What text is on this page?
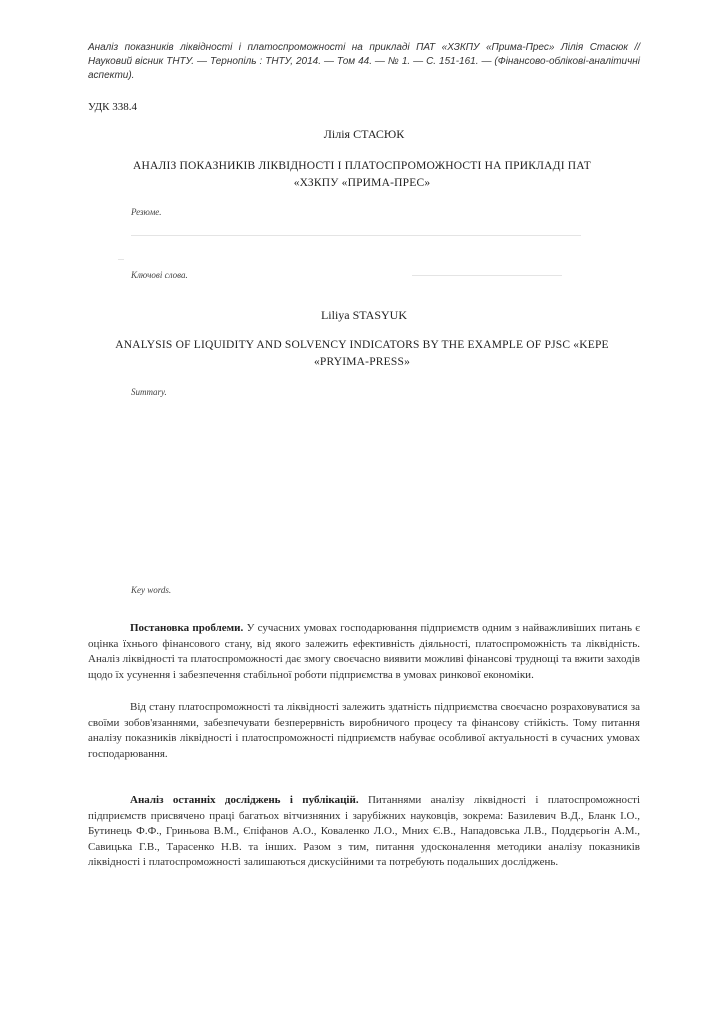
Аналіз показників ліквідності і платоспроможності на прикладі ПАТ «ХЗКПУ «Прима-Прес» Лілія Стасюк // Науковий вісник ТНТУ. — Тернопіль : ТНТУ, 2014. — Том 44. — № 1. — С. 151-161. — (Фінансово-облікові-аналітичні аспекти).
УДК 338.4
Лілія СТАСЮК
АНАЛІЗ ПОКАЗНИКІВ ЛІКВІДНОСТІ І ПЛАТОСПРОМОЖНОСТІ НА ПРИКЛАДІ ПАТ «ХЗКПУ «ПРИМА-ПРЕС»
Резюме.
Ключові слова.
Liliya STASYUK
ANALYSIS OF LIQUIDITY AND SOLVENCY INDICATORS BY THE EXAMPLE OF PJSC «KEPE «PRYIMA-PRESS»
Summary.
Key words.
Постановка проблеми. У сучасних умовах господарювання підприємств одним з найважливіших питань є оцінка їхнього фінансового стану, від якого залежить ефективність діяльності, платоспроможність та ліквідність. Аналіз ліквідності та платоспроможності дає змогу своєчасно виявити можливі фінансові труднощі та вжити заходів щодо їх усунення і забезпечення стабільної роботи підприємства в умовах ринкової економіки.
Від стану платоспроможності та ліквідності залежить здатність підприємства своєчасно розраховуватися за своїми зобов'язаннями, забезпечувати безперервність виробничого процесу та фінансову стійкість. Тому питання аналізу показників ліквідності і платоспроможності підприємств набуває особливої актуальності в сучасних умовах господарювання.
Аналіз останніх досліджень і публікацій. Питаннями аналізу ліквідності і платоспроможності підприємств присвячено праці багатьох вітчизняних і зарубіжних науковців, зокрема: Базилевич В.Д., Бланк І.О., Бутинець Ф.Ф., Гриньова В.М., Єпіфанов А.О., Коваленко Л.О., Мних Є.В., Нападовська Л.В., Поддєрьогін А.М., Савицька Г.В., Тарасенко Н.В. та інших. Разом з тим, питання удосконалення методики аналізу показників ліквідності і платоспроможності залишаються дискусійними та потребують подальших досліджень.
